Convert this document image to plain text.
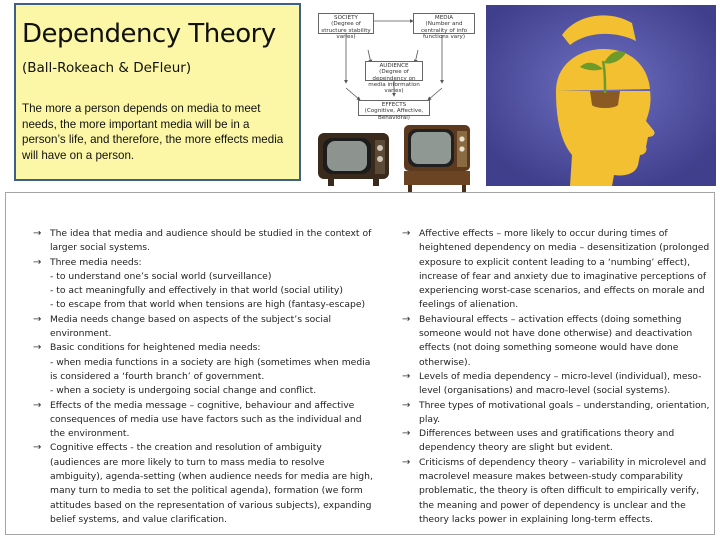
Dependency Theory
(Ball-Rokeach & DeFleur)
The more a person depends on media to meet needs, the more important media will be in a person’s life, and therefore, the more effects media will have on a person.
SOCIETY
(Degree of structure stability varies)
MEDIA
(Number and centrality of info functions vary)
AUDIENCE
(Degree of dependency on media information varies)
EFFECTS
(Cognitive, Affective, Behavioral)
→ The idea that media and audience should be studied in the context of larger social systems.
→ Three media needs:
- to understand one’s social world (surveillance)
- to act meaningfully and effectively in that world (social utility)
- to escape from that world when tensions are high (fantasy-escape)
→ Media needs change based on aspects of the subject’s social environment.
→ Basic conditions for heightened media needs:
- when media functions in a society are high (sometimes when media is considered a ‘fourth branch’ of government.
- when a society is undergoing social change and conflict.
→ Effects of the media message – cognitive, behaviour and affective consequences of media use have factors such as the individual and the environment.
→ Cognitive effects - the creation and resolution of ambiguity (audiences are more likely to turn to mass media to resolve ambiguity), agenda-setting (when audience needs for media are high, many turn to media to set the political agenda), formation (we form attitudes based on the representation of various subjects), expanding belief systems, and value clarification.
→ Affective effects – more likely to occur during times of heightened dependency on media – desensitization (prolonged exposure to explicit content leading to a ‘numbing’ effect), increase of fear and anxiety due to imaginative perceptions of experiencing worst-case scenarios, and effects on morale and feelings of alienation.
→ Behavioural effects – activation effects (doing something someone would not have done otherwise) and deactivation effects (not doing something someone would have done otherwise).
→ Levels of media dependency – micro-level (individual), meso-level (organisations) and macro-level (social systems).
→ Three types of motivational goals – understanding, orientation, play.
→ Differences between uses and gratifications theory and dependency theory are slight but evident.
→ Criticisms of dependency theory – variability in microlevel and macrolevel measure makes between-study comparability problematic, the theory is often difficult to empirically verify, the meaning and power of dependency is unclear and the theory lacks power in explaining long-term effects.
